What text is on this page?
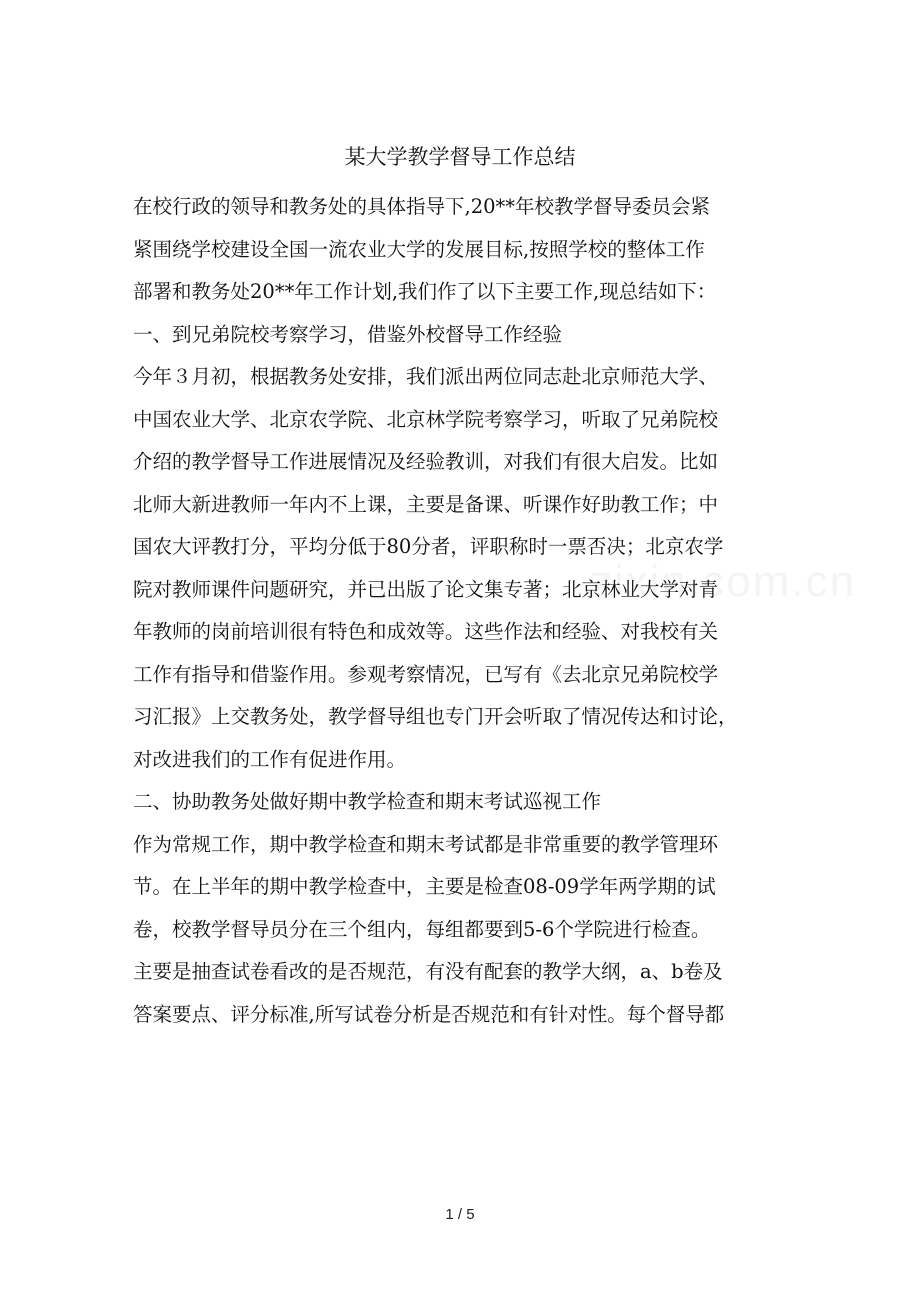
某大学教学督导工作总结
在校行政的领导和教务处的具体指导下,20**年校教学督导委员会紧
紧围绕学校建设全国一流农业大学的发展目标,按照学校的整体工作
部署和教务处20**年工作计划,我们作了以下主要工作,现总结如下：
一、到兄弟院校考察学习，借鉴外校督导工作经验
今年３月初，根据教务处安排，我们派出两位同志赴北京师范大学、
中国农业大学、北京农学院、北京林学院考察学习，听取了兄弟院校
介绍的教学督导工作进展情况及经验教训，对我们有很大启发。比如
北师大新进教师一年内不上课，主要是备课、听课作好助教工作；中
国农大评教打分，平均分低于80分者，评职称时一票否决；北京农学
院对教师课件问题研究，并已出版了论文集专著；北京林业大学对青
年教师的岗前培训很有特色和成效等。这些作法和经验、对我校有关
工作有指导和借鉴作用。参观考察情况，已写有《去北京兄弟院校学
习汇报》上交教务处，教学督导组也专门开会听取了情况传达和讨论，
对改进我们的工作有促进作用。
二、协助教务处做好期中教学检查和期末考试巡视工作
作为常规工作，期中教学检查和期末考试都是非常重要的教学管理环
节。在上半年的期中教学检查中，主要是检查08-09学年两学期的试
卷，校教学督导员分在三个组内，每组都要到5-6个学院进行检查。
主要是抽查试卷看改的是否规范，有没有配套的教学大纲，a、b卷及
答案要点、评分标准,所写试卷分析是否规范和有针对性。每个督导都
zixin.com.cn
1 / 5
